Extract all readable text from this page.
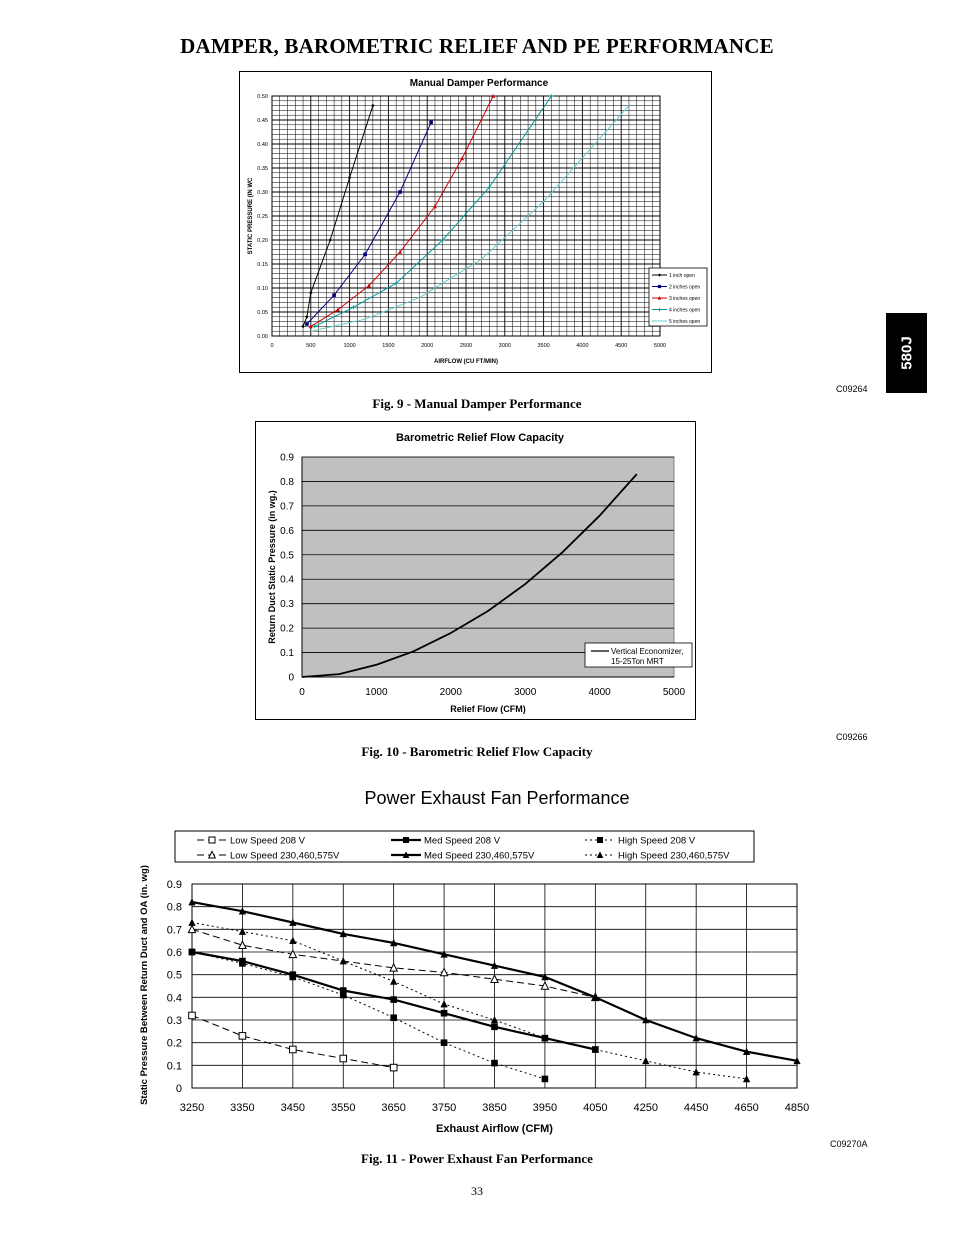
DAMPER, BAROMETRIC RELIEF AND PE PERFORMANCE
580J
Manual Damper Performance
0	500	1000	1500	2000	2500	3000	3500	4000	4500	5000
0.00
0.05
0.10
0.15
0.20
0.25
0.30
0.35
0.40
0.45
0.50
AIRFLOW (CU FT/MIN)
STATIC PRESSURE (IN WC
1 inch open
2 inches open
3 inches open
4 inches open
5 inches open
C09264
Fig. 9 - Manual Damper Performance
Barometric Relief Flow Capacity
0	1000	2000	3000	4000	5000
0
0.1
0.2
0.3
0.4
0.5
0.6
0.7
0.8
0.9
Relief Flow (CFM)
Return Duct Static Pressure (in wg.)
Vertical Economizer,
15-25Ton MRT
C09266
Fig. 10 - Barometric Relief Flow Capacity
Power Exhaust Fan Performance
3250 3350 3450 3550 3650 3750 3850 3950 4050 4250 4450 4650 4850
0
0.1
0.2
0.3
0.4
0.5
0.6
0.7
0.8
0.9
Exhaust Airflow (CFM)
Static Pressure Between Return Duct and OA (in. wg)
Low Speed 208 V	Med Speed 208 V	High Speed 208 V
Low Speed 230,460,575V	Med Speed 230,460,575V	High Speed 230,460,575V
C09270A
Fig. 11 - Power Exhaust Fan Performance
33
